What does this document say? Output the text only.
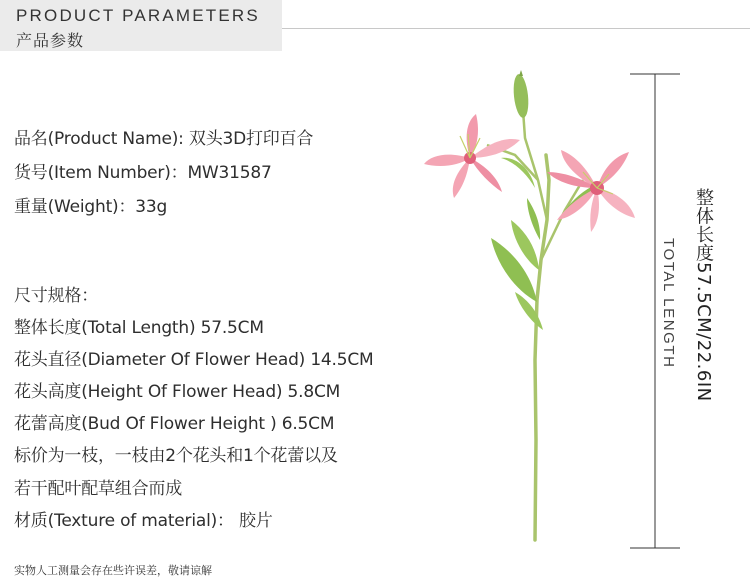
PRODUCT PARAMETERS
产品参数
品名(Product Name): 双头3D打印百合
货号(Item Number)：MW31587
重量(Weight)：33g
尺寸规格：
整体长度(Total Length) 57.5CM
花头直径(Diameter Of Flower Head) 14.5CM
花头高度(Height Of Flower Head) 5.8CM
花蕾高度(Bud Of Flower Height ) 6.5CM
标价为一枝，一枝由2个花头和1个花蕾以及
若干配叶配草组合而成
材质(Texture of material)： 胶片
实物人工测量会存在些许误差，敬请谅解
整体长度57.5CM/22.6IN
TOTAL LENGTH
